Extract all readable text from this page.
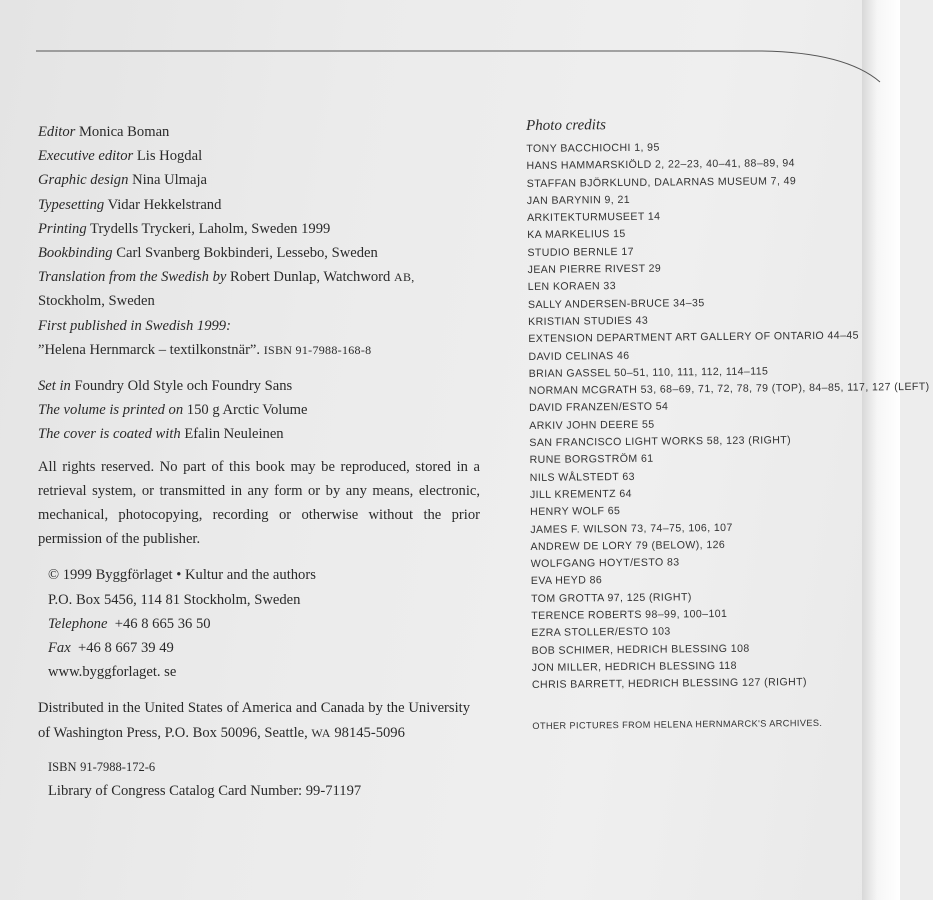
Editor Monica Boman

Executive editor Lis Hogdal

Graphic design Nina Ulmaja

Typesetting Vidar Hekkelstrand

Printing Trydells Tryckeri, Laholm, Sweden 1999

Bookbinding Carl Svanberg Bokbinderi, Lessebo, Sweden

Translation from the Swedish by Robert Dunlap, Watchword AB,

Stockholm, Sweden

First published in Swedish 1999:

”Helena Hernmarck – textilkonstnär”. ISBN 91-7988-168-8

Set in Foundry Old Style och Foundry Sans

The volume is printed on 150 g Arctic Volume

The cover is coated with Efalin Neuleinen

All rights reserved. No part of this book may be reproduced, stored in a retrieval system, or transmitted in any form or by any means, electronic, mechanical, photocopying, recording or otherwise without the prior permission of the publisher.

© 1999 Byggförlaget • Kultur and the authors

P.O. Box 5456, 114 81 Stockholm, Sweden

Telephone +46 8 665 36 50

Fax +46 8 667 39 49

www.byggforlaget. se

Distributed in the United States of America and Canada by the University of Washington Press, P.O. Box 50096, Seattle, WA 98145-5096

ISBN 91-7988-172-6

Library of Congress Catalog Card Number: 99-71197

Photo credits

TONY BACCHIOCHI 1, 95
HANS HAMMARSKIÖLD 2, 22–23, 40–41, 88–89, 94
STAFFAN BJÖRKLUND, DALARNAS MUSEUM 7, 49
JAN BARYNIN 9, 21
ARKITEKTURMUSEET 14
KA MARKELIUS 15
STUDIO BERNLE 17
JEAN PIERRE RIVEST 29
LEN KORAEN 33
SALLY ANDERSEN-BRUCE 34–35
KRISTIAN STUDIES 43
EXTENSION DEPARTMENT ART GALLERY OF ONTARIO 44–45
DAVID CELINAS 46
BRIAN GASSEL 50–51, 110, 111, 112, 114–115
NORMAN MCGRATH 53, 68–69, 71, 72, 78, 79 (TOP), 84–85, 117, 127 (LEFT)
DAVID FRANZEN/ESTO 54
ARKIV JOHN DEERE 55
SAN FRANCISCO LIGHT WORKS 58, 123 (RIGHT)
RUNE BORGSTRÖM 61
NILS WÅLSTEDT 63
JILL KREMENTZ 64
HENRY WOLF 65
JAMES F. WILSON 73, 74–75, 106, 107
ANDREW DE LORY 79 (BELOW), 126
WOLFGANG HOYT/ESTO 83
EVA HEYD 86
TOM GROTTA 97, 125 (RIGHT)
TERENCE ROBERTS 98–99, 100–101
EZRA STOLLER/ESTO 103
BOB SCHIMER, HEDRICH BLESSING 108
JON MILLER, HEDRICH BLESSING 118
CHRIS BARRETT, HEDRICH BLESSING 127 (RIGHT)
OTHER PICTURES FROM HELENA HERNMARCK'S ARCHIVES.
